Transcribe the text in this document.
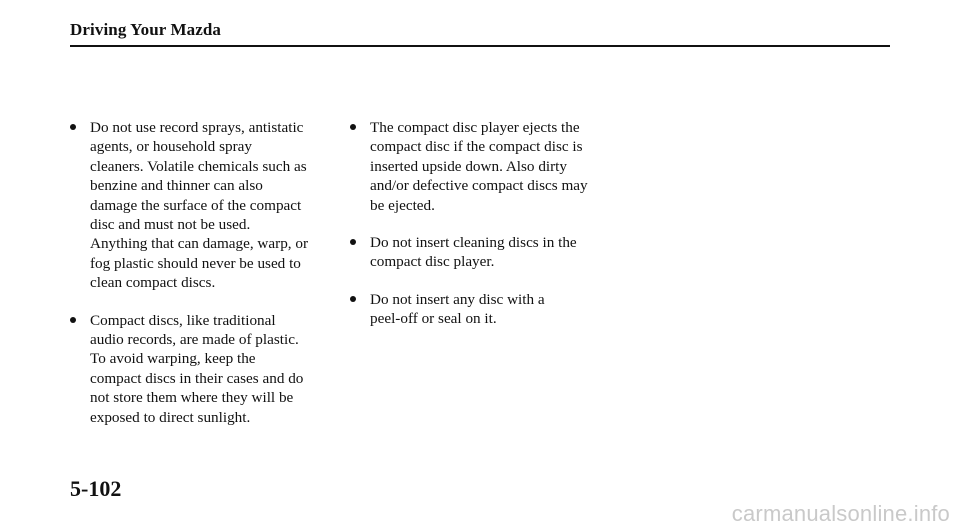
Driving Your Mazda
Do not use record sprays, antistatic
agents, or household spray
cleaners. Volatile chemicals such as
benzine and thinner can also
damage the surface of the compact
disc and must not be used.
Anything that can damage, warp, or
fog plastic should never be used to
clean compact discs.
Compact discs, like traditional
audio records, are made of plastic.
To avoid warping, keep the
compact discs in their cases and do
not store them where they will be
exposed to direct sunlight.
The compact disc player ejects the
compact disc if the compact disc is
inserted upside down. Also dirty
and/or defective compact discs may
be ejected.
Do not insert cleaning discs in the
compact disc player.
Do not insert any disc with a
peel-off or seal on it.
5-102
carmanualsonline.info
